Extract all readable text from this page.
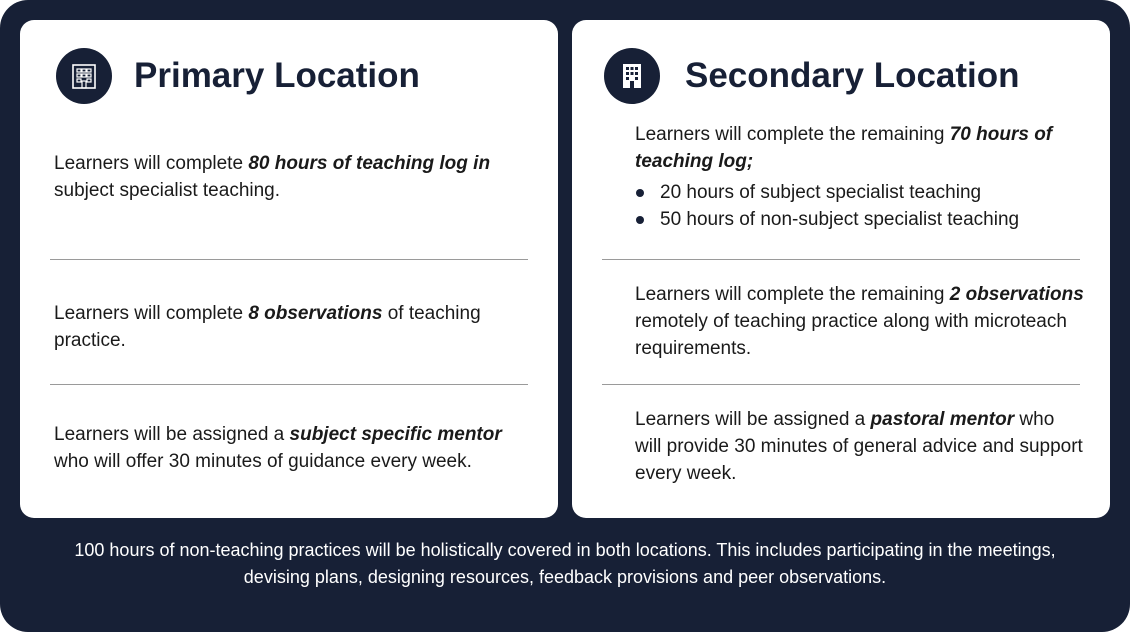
Primary Location

Learners will complete 80 hours of teaching log in subject specialist teaching.

Learners will complete 8 observations of teaching practice.

Learners will be assigned a subject specific mentor who will offer 30 minutes of guidance every week.

Secondary Location

Learners will complete the remaining 70 hours of teaching log;

20 hours of subject specialist teaching
50 hours of non-subject specialist teaching

Learners will complete the remaining 2 observations remotely of teaching practice along with microteach requirements.

Learners will be assigned a pastoral mentor who will provide 30 minutes of general advice and support every week.

100 hours of non-teaching practices will be holistically covered in both locations. This includes participating in the meetings, devising plans, designing resources, feedback provisions and peer observations.
